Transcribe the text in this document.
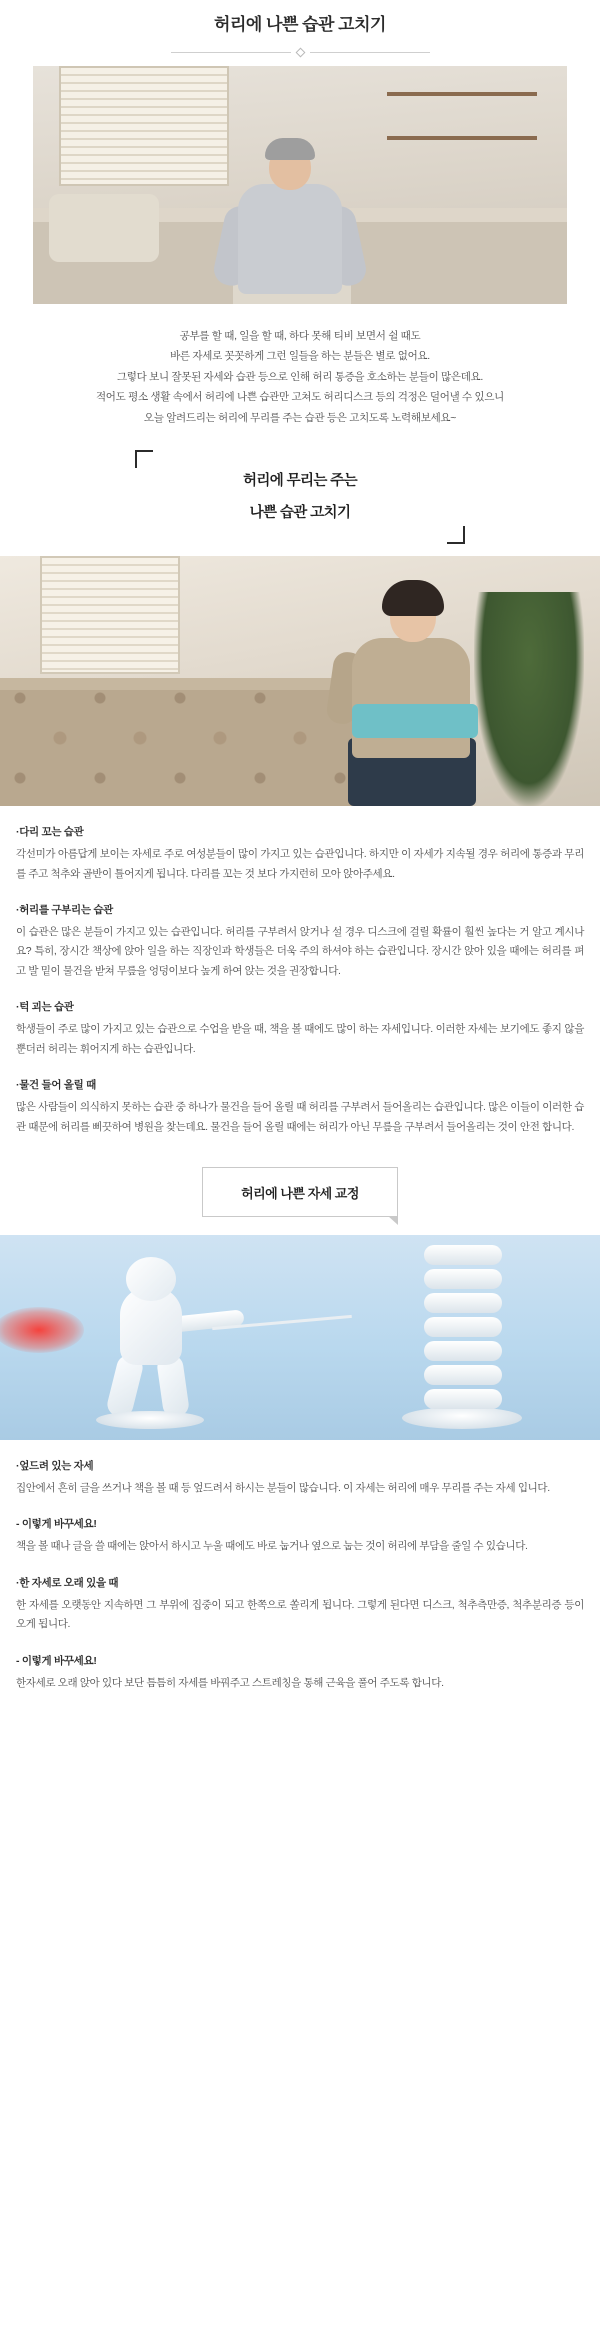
허리에 나쁜 습관 고치기
공부를 할 때, 일을 할 때, 하다 못해 티비 보면서 쉴 때도
바른 자세로 꼿꼿하게 그런 일들을 하는 분들은 별로 없어요.
그렇다 보니 잘못된 자세와 습관 등으로 인해 허리 통증을 호소하는 분들이 많은데요.
적어도 평소 생활 속에서 허리에 나쁜 습관만 고쳐도 허리디스크 등의 걱정은 덜어낼 수 있으니
오늘 알려드리는 허리에 무리를 주는 습관 등은 고치도록 노력해보세요~
허리에 무리는 주는
나쁜 습관 고치기
·다리 꼬는 습관
각선미가 아름답게 보이는 자세로 주로 여성분들이 많이 가지고 있는 습관입니다. 하지만 이 자세가 지속될 경우 허리에 통증과 무리를 주고 척추와 골반이 틀어지게 됩니다. 다리를 꼬는 것 보다 가지런히 모아 앉아주세요.
·허리를 구부리는 습관
이 습관은 많은 분들이 가지고 있는 습관입니다. 허리를 구부려서 앉거나 설 경우 디스크에 걸릴 확률이 훨씬 높다는 거 알고 계시나요? 특히, 장시간 책상에 앉아 일을 하는 직장인과 학생들은 더욱 주의 하셔야 하는 습관입니다. 장시간 앉아 있을 때에는 허리를 펴고 발 밑이 물건을 받쳐 무릎을 엉덩이보다 높게 하여 앉는 것을 권장합니다.
·턱 괴는 습관
학생들이 주로 많이 가지고 있는 습관으로 수업을 받을 때, 책을 볼 때에도 많이 하는 자세입니다. 이러한 자세는 보기에도 좋지 않을뿐더러 허리는 휘어지게 하는 습관입니다.
·물건 들어 올릴 때
많은 사람들이 의식하지 못하는 습관 중 하나가 물건을 들어 올릴 때 허리를 구부려서 들어올리는 습관입니다. 많은 이들이 이러한 습관 때문에 허리를 삐끗하여 병원을 찾는데요. 물건을 들어 올릴 때에는 허리가 아닌 무릎을 구부려서 들어올리는 것이 안전 합니다.
허리에 나쁜 자세 교정
·엎드려 있는 자세
집안에서 흔히 글을 쓰거나 책을 볼 때 등 엎드려서 하시는 분들이 많습니다. 이 자세는 허리에 매우 무리를 주는 자세 입니다.
- 이렇게 바꾸세요!
책을 볼 때나 글을 쓸 때에는 앉아서 하시고 누울 때에도 바로 눕거나 옆으로 눕는 것이 허리에 부담을 줄일 수 있습니다.
·한 자세로 오래 있을 때
한 자세를 오랫동안 지속하면 그 부위에 집중이 되고 한쪽으로 쏠리게 됩니다. 그렇게 된다면 디스크, 척추측만증, 척추분리증 등이 오게 됩니다.
- 이렇게 바꾸세요!
한자세로 오래 앉아 있다 보단 틈틈히 자세를 바꿔주고 스트레칭을 통해 근육을 풀어 주도록 합니다.
